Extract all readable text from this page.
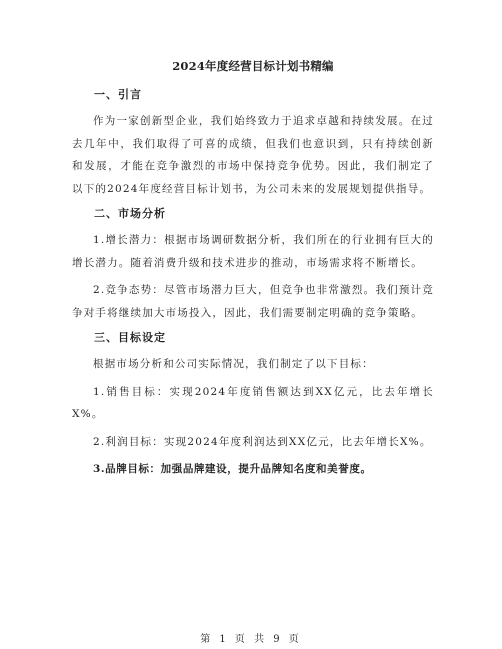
2024年度经营目标计划书精编
一、引言
作为一家创新型企业，我们始终致力于追求卓越和持续发展。在过去几年中，我们取得了可喜的成绩，但我们也意识到，只有持续创新和发展，才能在竞争激烈的市场中保持竞争优势。因此，我们制定了以下的2024年度经营目标计划书，为公司未来的发展规划提供指导。
二、市场分析
1.增长潜力：根据市场调研数据分析，我们所在的行业拥有巨大的增长潜力。随着消费升级和技术进步的推动，市场需求将不断增长。
2.竞争态势：尽管市场潜力巨大，但竞争也非常激烈。我们预计竞争对手将继续加大市场投入，因此，我们需要制定明确的竞争策略。
三、目标设定
根据市场分析和公司实际情况，我们制定了以下目标：
1.销售目标：实现2024年度销售额达到XX亿元，比去年增长X%。
2.利润目标：实现2024年度利润达到XX亿元，比去年增长X%。
3.品牌目标：加强品牌建设，提升品牌知名度和美誉度。
第 1 页 共 9 页
